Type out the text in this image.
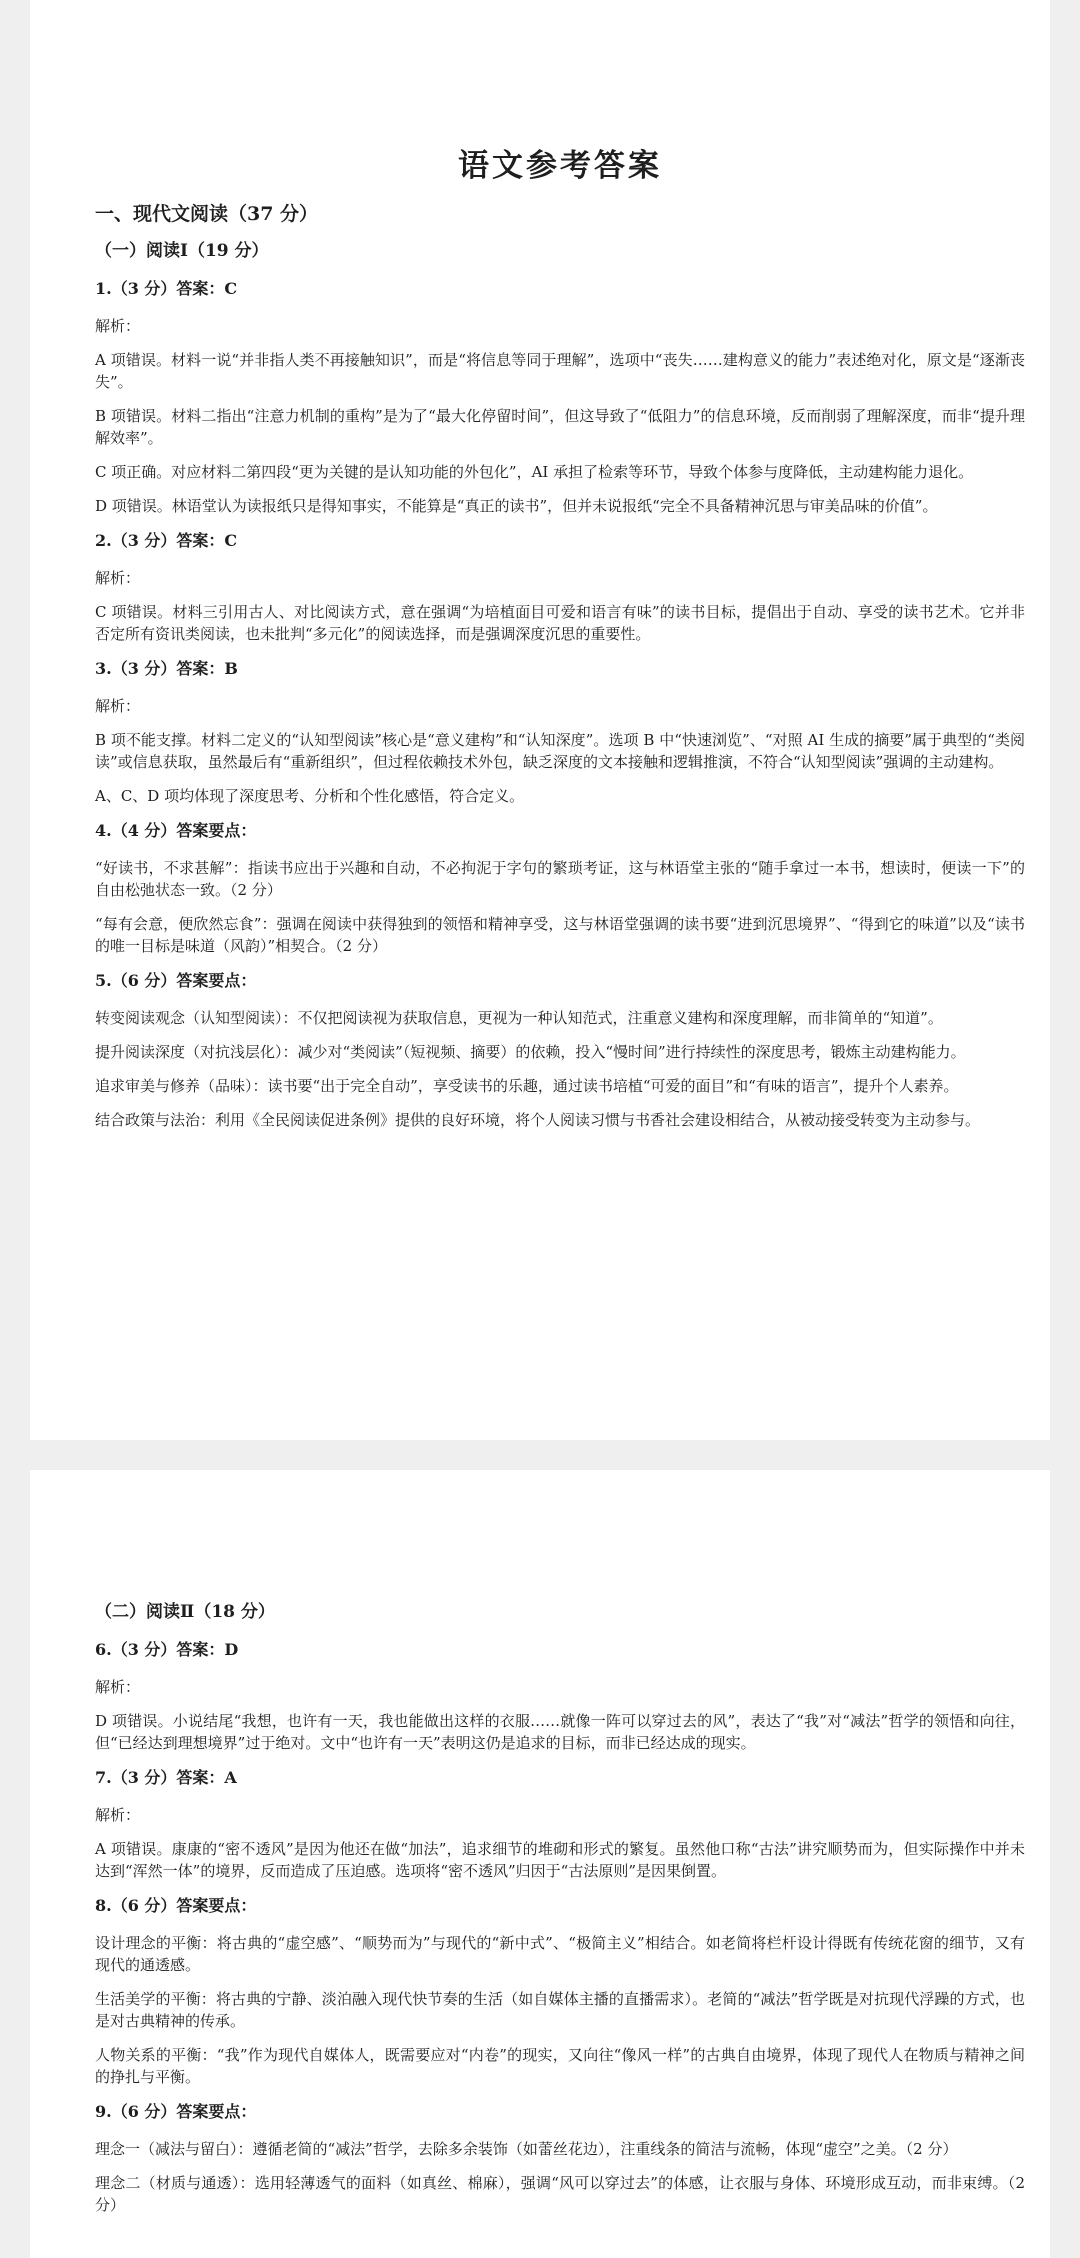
语文参考答案
一、现代文阅读（37 分）
（一）阅读Ⅰ（19 分）
1.（3 分）答案：C
解析：

A 项错误。材料一说“并非指人类不再接触知识”，而是“将信息等同于理解”，选项中“丧失……建构意义的能力”表述绝对化，原文是“逐渐丧失”。

B 项错误。材料二指出“注意力机制的重构”是为了“最大化停留时间”，但这导致了“低阻力”的信息环境，反而削弱了理解深度，而非“提升理解效率”。

C 项正确。对应材料二第四段“更为关键的是认知功能的外包化”，AI 承担了检索等环节，导致个体参与度降低，主动建构能力退化。

D 项错误。林语堂认为读报纸只是得知事实，不能算是“真正的读书”，但并未说报纸“完全不具备精神沉思与审美品味的价值”。

2.（3 分）答案：C
解析：

C 项错误。材料三引用古人、对比阅读方式，意在强调“为培植面目可爱和语言有味”的读书目标，提倡出于自动、享受的读书艺术。它并非否定所有资讯类阅读，也未批判“多元化”的阅读选择，而是强调深度沉思的重要性。

3.（3 分）答案：B
解析：

B 项不能支撑。材料二定义的“认知型阅读”核心是“意义建构”和“认知深度”。选项 B 中“快速浏览”、“对照 AI 生成的摘要”属于典型的“类阅读”或信息获取，虽然最后有“重新组织”，但过程依赖技术外包，缺乏深度的文本接触和逻辑推演，不符合“认知型阅读”强调的主动建构。

A、C、D 项均体现了深度思考、分析和个性化感悟，符合定义。

4.（4 分）答案要点：

“好读书，不求甚解”：指读书应出于兴趣和自动，不必拘泥于字句的繁琐考证，这与林语堂主张的“随手拿过一本书，想读时，便读一下”的自由松弛状态一致。（2 分）

“每有会意，便欣然忘食”：强调在阅读中获得独到的领悟和精神享受，这与林语堂强调的读书要“进到沉思境界”、“得到它的味道”以及“读书的唯一目标是味道（风韵）”相契合。（2 分）

5.（6 分）答案要点：

转变阅读观念（认知型阅读）：不仅把阅读视为获取信息，更视为一种认知范式，注重意义建构和深度理解，而非简单的“知道”。

提升阅读深度（对抗浅层化）：减少对“类阅读”（短视频、摘要）的依赖，投入“慢时间”进行持续性的深度思考，锻炼主动建构能力。

追求审美与修养（品味）：读书要“出于完全自动”，享受读书的乐趣，通过读书培植“可爱的面目”和“有味的语言”，提升个人素养。

结合政策与法治：利用《全民阅读促进条例》提供的良好环境，将个人阅读习惯与书香社会建设相结合，从被动接受转变为主动参与。

（二）阅读Ⅱ（18 分）
6.（3 分）答案：D
解析：

D 项错误。小说结尾“我想，也许有一天，我也能做出这样的衣服……就像一阵可以穿过去的风”，表达了“我”对“减法”哲学的领悟和向往，但“已经达到理想境界”过于绝对。文中“也许有一天”表明这仍是追求的目标，而非已经达成的现实。

7.（3 分）答案：A
解析：

A 项错误。康康的“密不透风”是因为他还在做“加法”，追求细节的堆砌和形式的繁复。虽然他口称“古法”讲究顺势而为，但实际操作中并未达到“浑然一体”的境界，反而造成了压迫感。选项将“密不透风”归因于“古法原则”是因果倒置。

8.（6 分）答案要点：

设计理念的平衡：将古典的“虚空感”、“顺势而为”与现代的“新中式”、“极简主义”相结合。如老简将栏杆设计得既有传统花窗的细节，又有现代的通透感。

生活美学的平衡：将古典的宁静、淡泊融入现代快节奏的生活（如自媒体主播的直播需求）。老简的“减法”哲学既是对抗现代浮躁的方式，也是对古典精神的传承。

人物关系的平衡：“我”作为现代自媒体人，既需要应对“内卷”的现实，又向往“像风一样”的古典自由境界，体现了现代人在物质与精神之间的挣扎与平衡。

9.（6 分）答案要点：

理念一（减法与留白）：遵循老简的“减法”哲学，去除多余装饰（如蕾丝花边），注重线条的简洁与流畅，体现“虚空”之美。（2 分）

理念二（材质与通透）：选用轻薄透气的面料（如真丝、棉麻），强调“风可以穿过去”的体感，让衣服与身体、环境形成互动，而非束缚。（2 分）
